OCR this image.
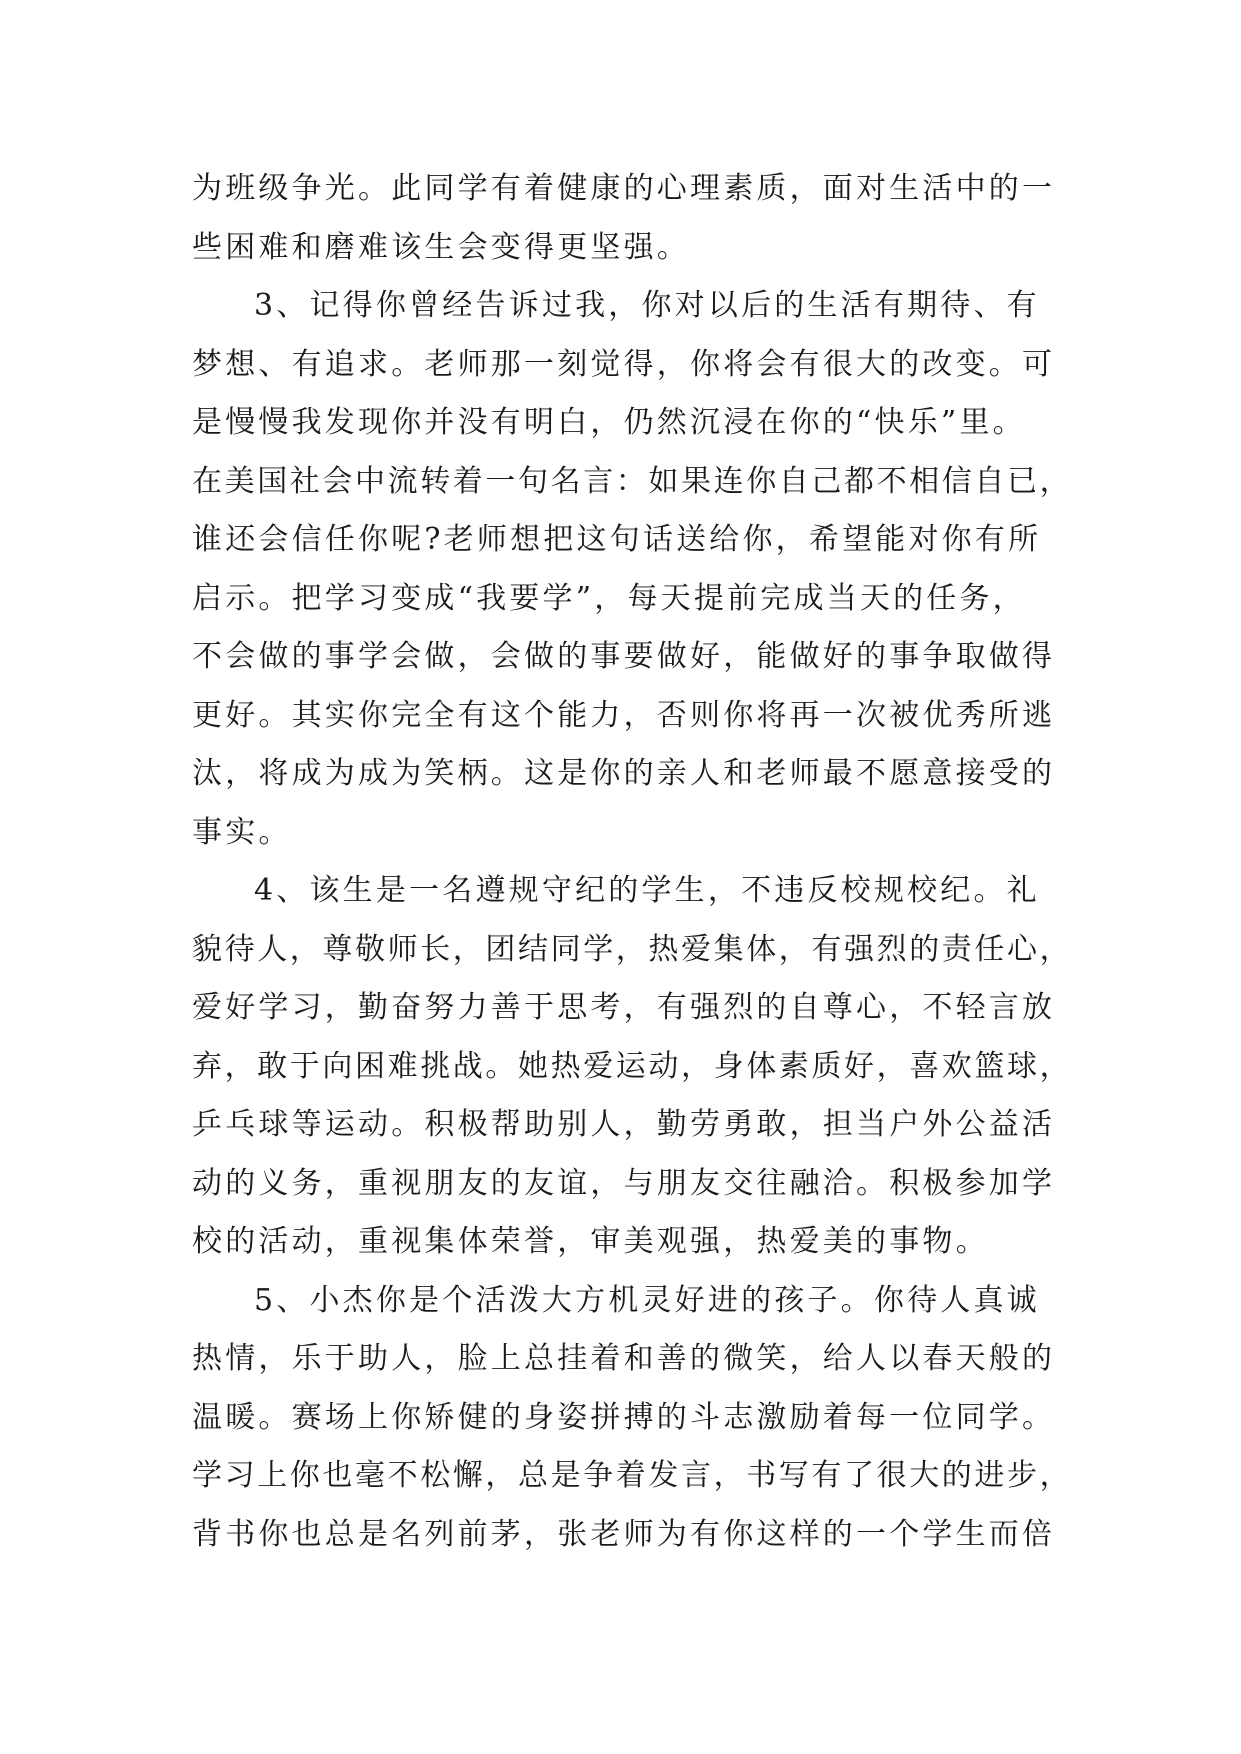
为班级争光。此同学有着健康的心理素质，面对生活中的一
些困难和磨难该生会变得更坚强。
3、记得你曾经告诉过我，你对以后的生活有期待、有
梦想、有追求。老师那一刻觉得，你将会有很大的改变。可
是慢慢我发现你并没有明白，仍然沉浸在你的“快乐”里。
在美国社会中流转着一句名言：如果连你自己都不相信自已，
谁还会信任你呢?老师想把这句话送给你，希望能对你有所
启示。把学习变成“我要学”，每天提前完成当天的任务，
不会做的事学会做，会做的事要做好，能做好的事争取做得
更好。其实你完全有这个能力，否则你将再一次被优秀所逃
汰，将成为成为笑柄。这是你的亲人和老师最不愿意接受的
事实。
4、该生是一名遵规守纪的学生，不违反校规校纪。礼
貌待人，尊敬师长，团结同学，热爱集体，有强烈的责任心，
爱好学习，勤奋努力善于思考，有强烈的自尊心，不轻言放
弃，敢于向困难挑战。她热爱运动，身体素质好，喜欢篮球，
乒乓球等运动。积极帮助别人，勤劳勇敢，担当户外公益活
动的义务，重视朋友的友谊，与朋友交往融洽。积极参加学
校的活动，重视集体荣誉，审美观强，热爱美的事物。
5、小杰你是个活泼大方机灵好进的孩子。你待人真诚
热情，乐于助人，脸上总挂着和善的微笑，给人以春天般的
温暖。赛场上你矫健的身姿拼搏的斗志激励着每一位同学。
学习上你也毫不松懈，总是争着发言，书写有了很大的进步，
背书你也总是名列前茅，张老师为有你这样的一个学生而倍
